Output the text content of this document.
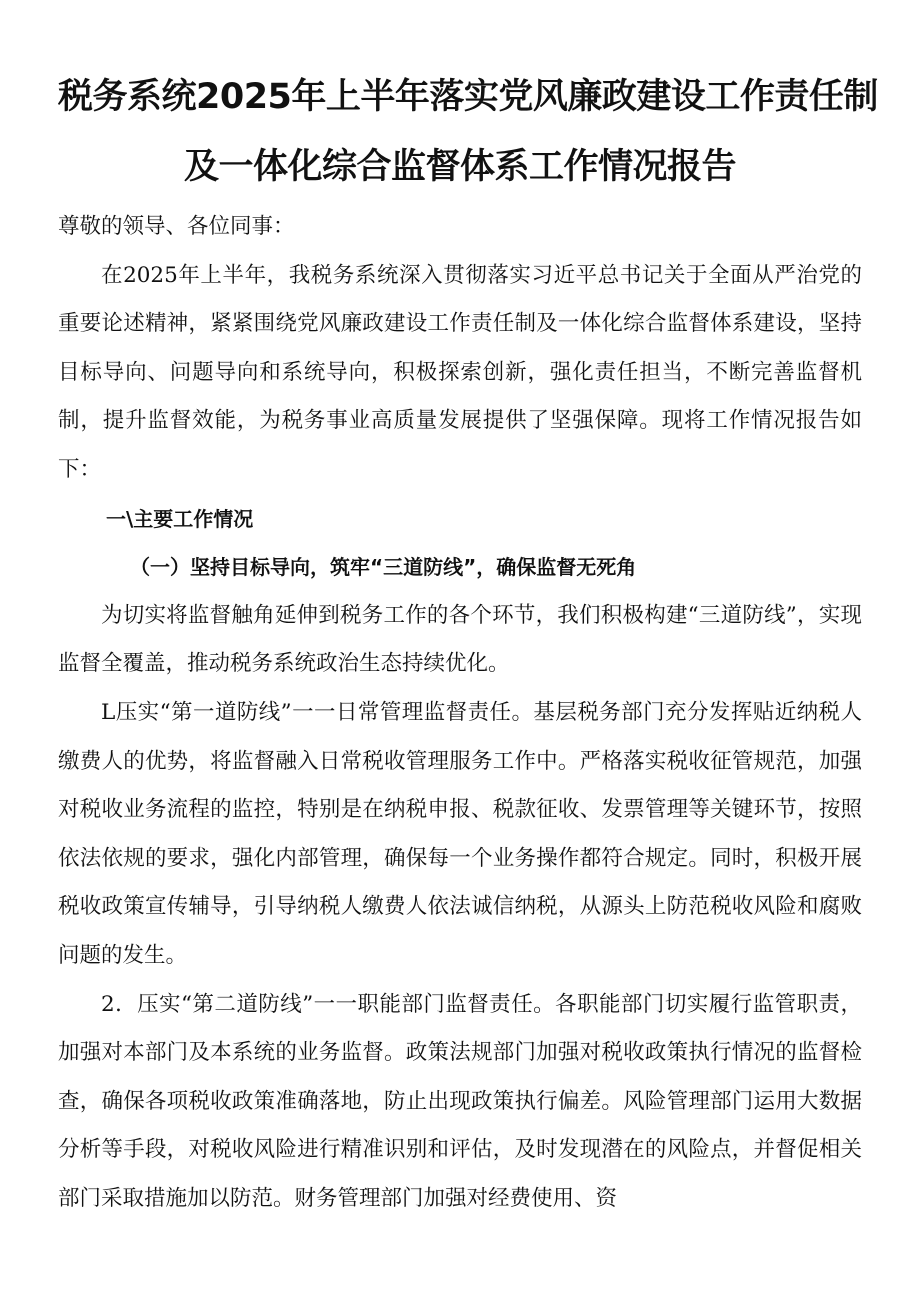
税务系统2025年上半年落实党风廉政建设工作责任制
及一体化综合监督体系工作情况报告

尊敬的领导、各位同事：

在2025年上半年，我税务系统深入贯彻落实习近平总书记关于全面从严治党的重要论述精神，紧紧围绕党风廉政建设工作责任制及一体化综合监督体系建设，坚持目标导向、问题导向和系统导向，积极探索创新，强化责任担当，不断完善监督机制，提升监督效能，为税务事业高质量发展提供了坚强保障。现将工作情况报告如下：

一\主要工作情况

（一）坚持目标导向，筑牢“三道防线”，确保监督无死角

为切实将监督触角延伸到税务工作的各个环节，我们积极构建“三道防线”，实现监督全覆盖，推动税务系统政治生态持续优化。

L压实“第一道防线”一一日常管理监督责任。基层税务部门充分发挥贴近纳税人缴费人的优势，将监督融入日常税收管理服务工作中。严格落实税收征管规范，加强对税收业务流程的监控，特别是在纳税申报、税款征收、发票管理等关键环节，按照依法依规的要求，强化内部管理，确保每一个业务操作都符合规定。同时，积极开展税收政策宣传辅导，引导纳税人缴费人依法诚信纳税，从源头上防范税收风险和腐败问题的发生。

2．压实“第二道防线”一一职能部门监督责任。各职能部门切实履行监管职责，加强对本部门及本系统的业务监督。政策法规部门加强对税收政策执行情况的监督检查，确保各项税收政策准确落地，防止出现政策执行偏差。风险管理部门运用大数据分析等手段，对税收风险进行精准识别和评估，及时发现潜在的风险点，并督促相关部门采取措施加以防范。财务管理部门加强对经费使用、资
